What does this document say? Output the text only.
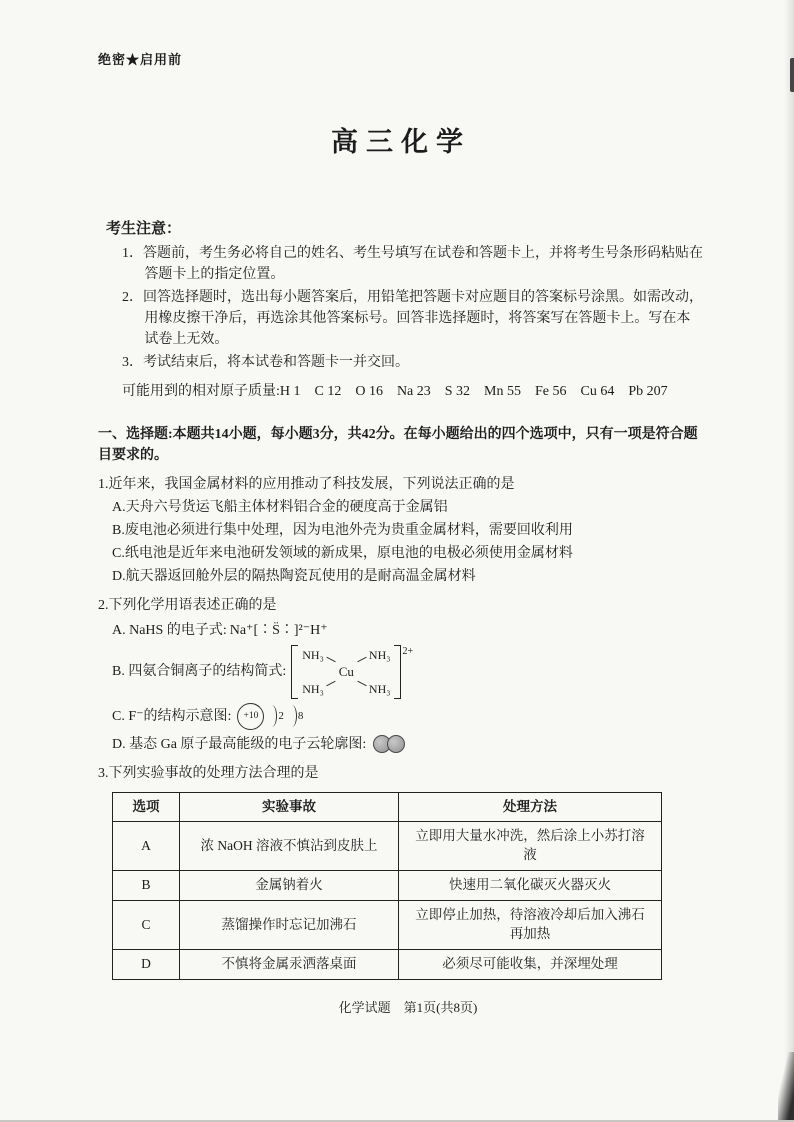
绝密★启用前
高三化学
考生注意：
1．答题前，考生务必将自己的姓名、考生号填写在试卷和答题卡上，并将考生号条形码粘贴在答题卡上的指定位置。
2．回答选择题时，选出每小题答案后，用铅笔把答题卡对应题目的答案标号涂黑。如需改动，用橡皮擦干净后，再选涂其他答案标号。回答非选择题时，将答案写在答题卡上。写在本试卷上无效。
3．考试结束后，将本试卷和答题卡一并交回。
可能用到的相对原子质量:H 1　C 12　O 16　Na 23　S 32　Mn 55　Fe 56　Cu 64　Pb 207
一、选择题:本题共14小题，每小题3分，共42分。在每小题给出的四个选项中，只有一项是符合题目要求的。
1.近年来，我国金属材料的应用推动了科技发展，下列说法正确的是
A.天舟六号货运飞船主体材料铝合金的硬度高于金属铝
B.废电池必须进行集中处理，因为电池外壳为贵重金属材料，需要回收利用
C.纸电池是近年来电池研发领域的新成果，原电池的电极必须使用金属材料
D.航天器返回舱外层的隔热陶瓷瓦使用的是耐高温金属材料
2.下列化学用语表述正确的是
A. NaHS 的电子式: Na⁺[∶S̈∶]²⁻H⁺
B. 四氨合铜离子的结构简式:
NH₃
NH₃
Cu
NH₃
NH₃
2+
C. F⁻的结构示意图:	+10	2 8
D. 基态 Ga 原子最高能级的电子云轮廓图:
3.下列实验事故的处理方法合理的是
选项	实验事故	处理方法
A	浓 NaOH 溶液不慎沾到皮肤上	立即用大量水冲洗，然后涂上小苏打溶液
B	金属钠着火	快速用二氧化碳灭火器灭火
C	蒸馏操作时忘记加沸石	立即停止加热，待溶液冷却后加入沸石再加热
D	不慎将金属汞洒落桌面	必须尽可能收集，并深埋处理
化学试题　第1页(共8页)
